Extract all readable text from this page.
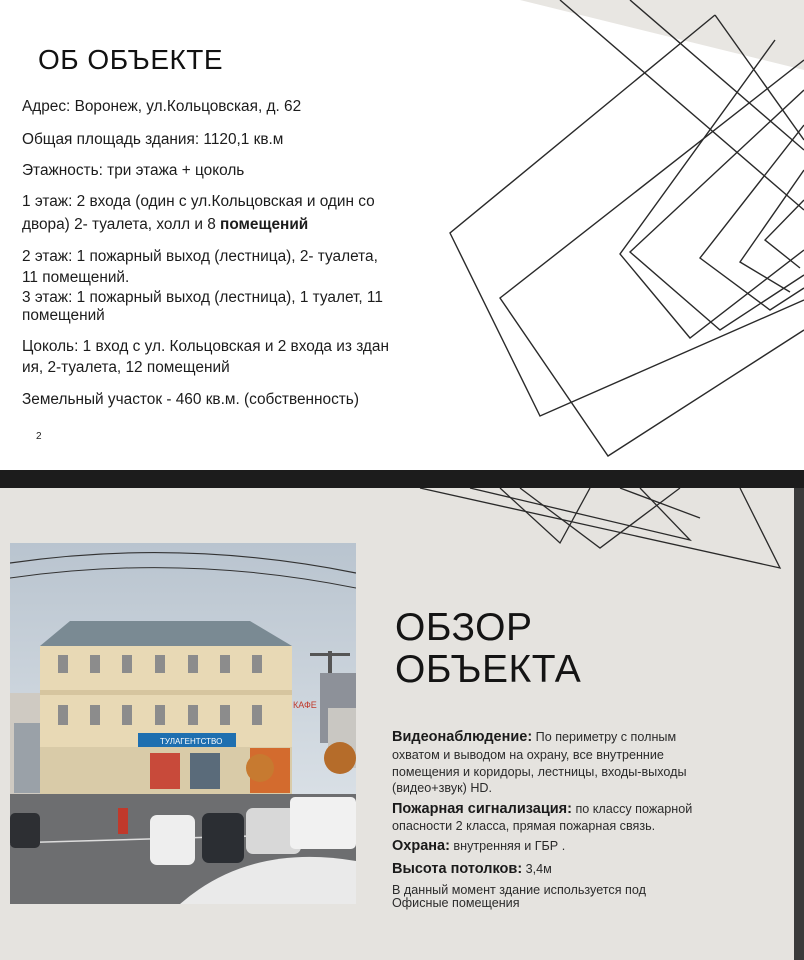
ОБ ОБЪЕКТЕ
Адрес: Воронеж, ул.Кольцовская, д. 62
Общая площадь здания: 1120,1 кв.м
Этажность: три этажа + цоколь
1 этаж: 2 входа (один с ул.Кольцовская и один со
двора) 2- туалета, холл и 8 помещений
2 этаж: 1 пожарный выход (лестница), 2- туалета,
11 помещений.
3 этаж: 1 пожарный выход (лестница), 1 туалет, 11
помещений
Цоколь: 1 вход с ул. Кольцовская и 2 входа из здан
ия, 2-туалета, 12 помещений
Земельный участок - 460 кв.м. (собственность)
2
ТУЛАГЕНТСТВО
КАФЕ
ОБЗОР
ОБЪЕКТА
Видеонаблюдение: По периметру с полным
охватом и выводом на охрану, все внутренние
помещения и коридоры, лестницы, входы-выходы
(видео+звук) HD.
Пожарная сигнализация: по классу пожарной
опасности 2 класса, прямая пожарная связь.
Охрана: внутренняя и ГБР .
Высота потолков: 3,4м
В данный момент здание используется под
Офисные помещения
